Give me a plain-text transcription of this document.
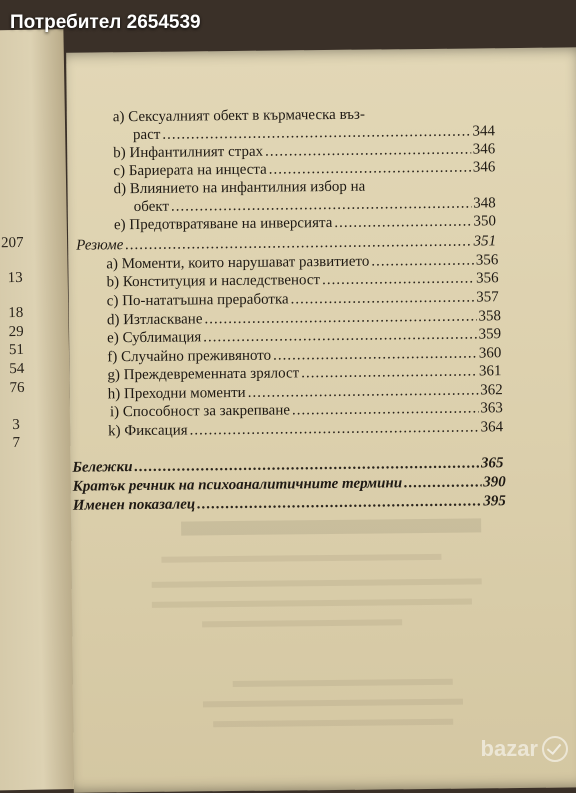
207
13
18
29
51
54
76
3
7
а) Сексуалният обект в кърмаческа въз-
раст .....	344
b) Инфантилният страх .....	346
c) Бариерата на инцеста .....	346
d) Влиянието на инфантилния избор на
обект .....	348
е) Предотвратяване на инверсията .....	350
Резюме .....	351
а) Моменти, които нарушават развитието .....	356
b) Конституция и наследственост .....	356
c) По-нататъшна преработка .....	357
d) Изтласкване .....	358
е) Сублимация .....	359
f) Случайно преживяното .....	360
g) Преждевременната зрялост .....	361
h) Преходни моменти .....	362
i) Способност за закрепване .....	363
k) Фиксация .....	364
Бележки .....	365
Кратък речник на психоаналитичните термини .....	390
Именен показалец .....	395
Потребител 2654539
bazar
